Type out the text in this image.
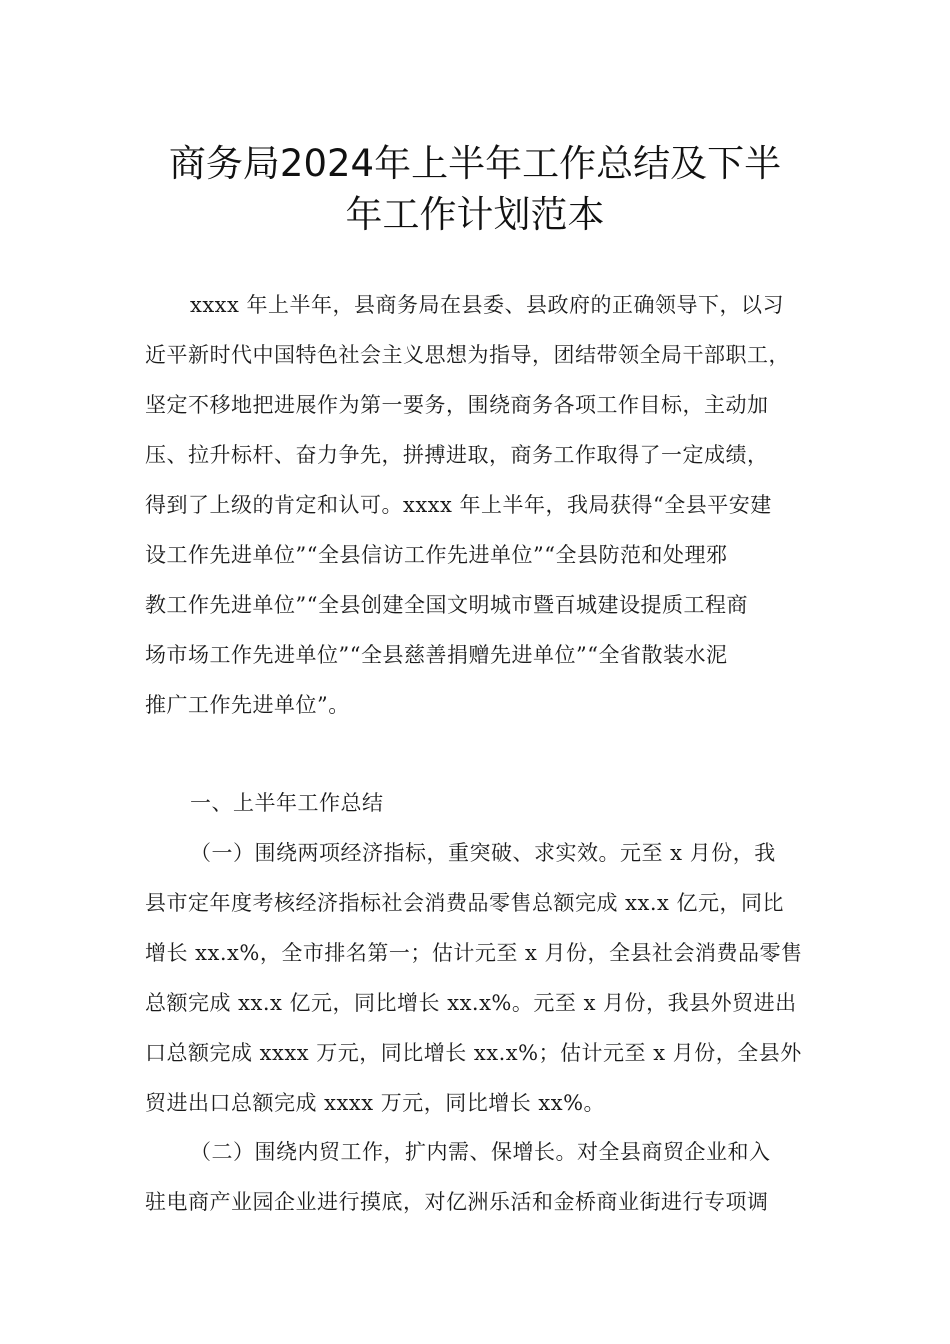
商务局2024年上半年工作总结及下半
年工作计划范本
xxxx 年上半年，县商务局在县委、县政府的正确领导下，以习
近平新时代中国特色社会主义思想为指导，团结带领全局干部职工，
坚定不移地把进展作为第一要务，围绕商务各项工作目标，主动加
压、拉升标杆、奋力争先，拼搏进取，商务工作取得了一定成绩，
得到了上级的肯定和认可。xxxx 年上半年，我局获得“全县平安建
设工作先进单位”“全县信访工作先进单位”“全县防范和处理邪
教工作先进单位”“全县创建全国文明城市暨百城建设提质工程商
场市场工作先进单位”“全县慈善捐赠先进单位”“全省散装水泥
推广工作先进单位”。
一、上半年工作总结
（一）围绕两项经济指标，重突破、求实效。元至 x 月份，我
县市定年度考核经济指标社会消费品零售总额完成 xx.x 亿元，同比
增长 xx.x%，全市排名第一；估计元至 x 月份，全县社会消费品零售
总额完成 xx.x 亿元，同比增长 xx.x%。元至 x 月份，我县外贸进出
口总额完成 xxxx 万元，同比增长 xx.x%；估计元至 x 月份，全县外
贸进出口总额完成 xxxx 万元，同比增长 xx%。
（二）围绕内贸工作，扩内需、保增长。对全县商贸企业和入
驻电商产业园企业进行摸底，对亿洲乐活和金桥商业街进行专项调
